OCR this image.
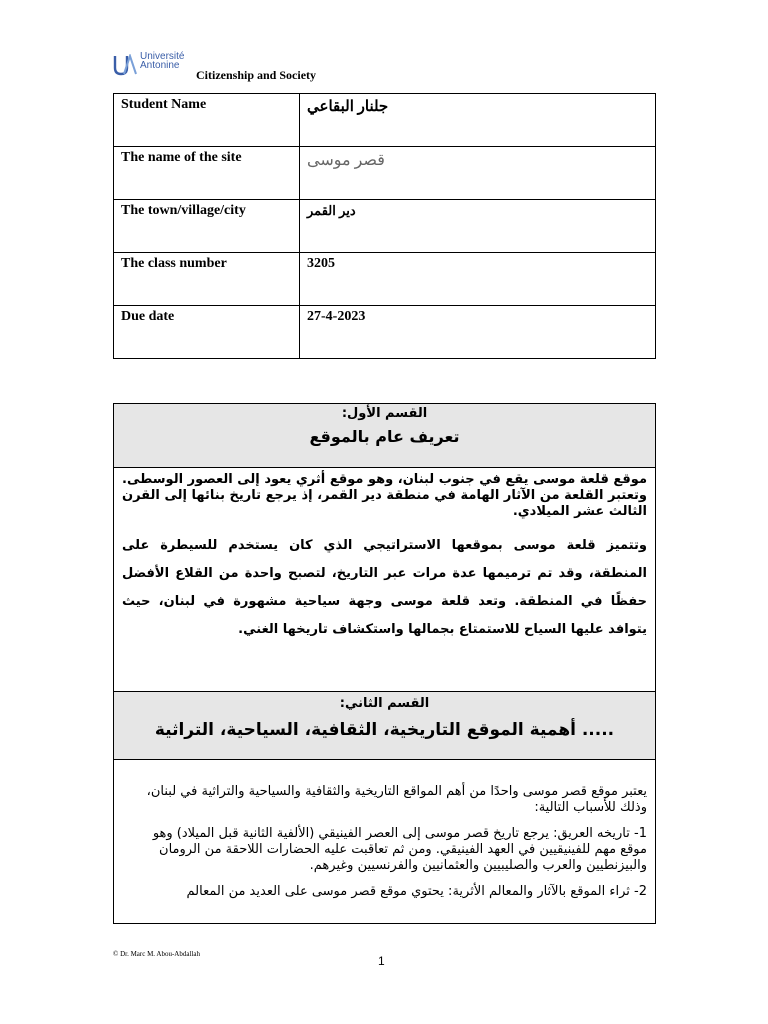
Université
Antonine
Citizenship and Society
Student Name	جلنار البقاعي
The name of the site	قصر موسى
The town/village/city	دير القمر
The class number	3205
Due date	27-4-2023
القسم الأول:
تعريف عام بالموقع
موقع قلعة موسى يقع في جنوب لبنان، وهو موقع أثري يعود إلى العصور الوسطى. وتعتبر القلعة من الآثار الهامة في منطقة دير القمر، إذ يرجع تاريخ بنائها إلى القرن الثالث عشر الميلادي.
وتتميز قلعة موسى بموقعها الاستراتيجي الذي كان يستخدم للسيطرة على المنطقة، وقد تم ترميمها عدة مرات عبر التاريخ، لتصبح واحدة من القلاع الأفضل حفظًا في المنطقة. وتعد قلعة موسى وجهة سياحية مشهورة في لبنان، حيث يتوافد عليها السياح للاستمتاع بجمالها واستكشاف تاريخها الغني.
القسم الثاني:
..... أهمية الموقع التاريخية، الثقافية، السياحية، التراثية

يعتبر موقع قصر موسى واحدًا من أهم المواقع التاريخية والثقافية والسياحية والتراثية في لبنان، وذلك للأسباب التالية:

1- تاريخه العريق: يرجع تاريخ قصر موسى إلى العصر الفينيقي (الألفية الثانية قبل الميلاد) وهو موقع مهم للفينيقيين في العهد الفينيقي. ومن ثم تعاقبت عليه الحضارات اللاحقة من الرومان والبيزنطيين والعرب والصليبيين والعثمانيين والفرنسيين وغيرهم.

2- ثراء الموقع بالآثار والمعالم الأثرية: يحتوي موقع قصر موسى على العديد من المعالم

© Dr. Marc M. Abou-Abdallah	1
